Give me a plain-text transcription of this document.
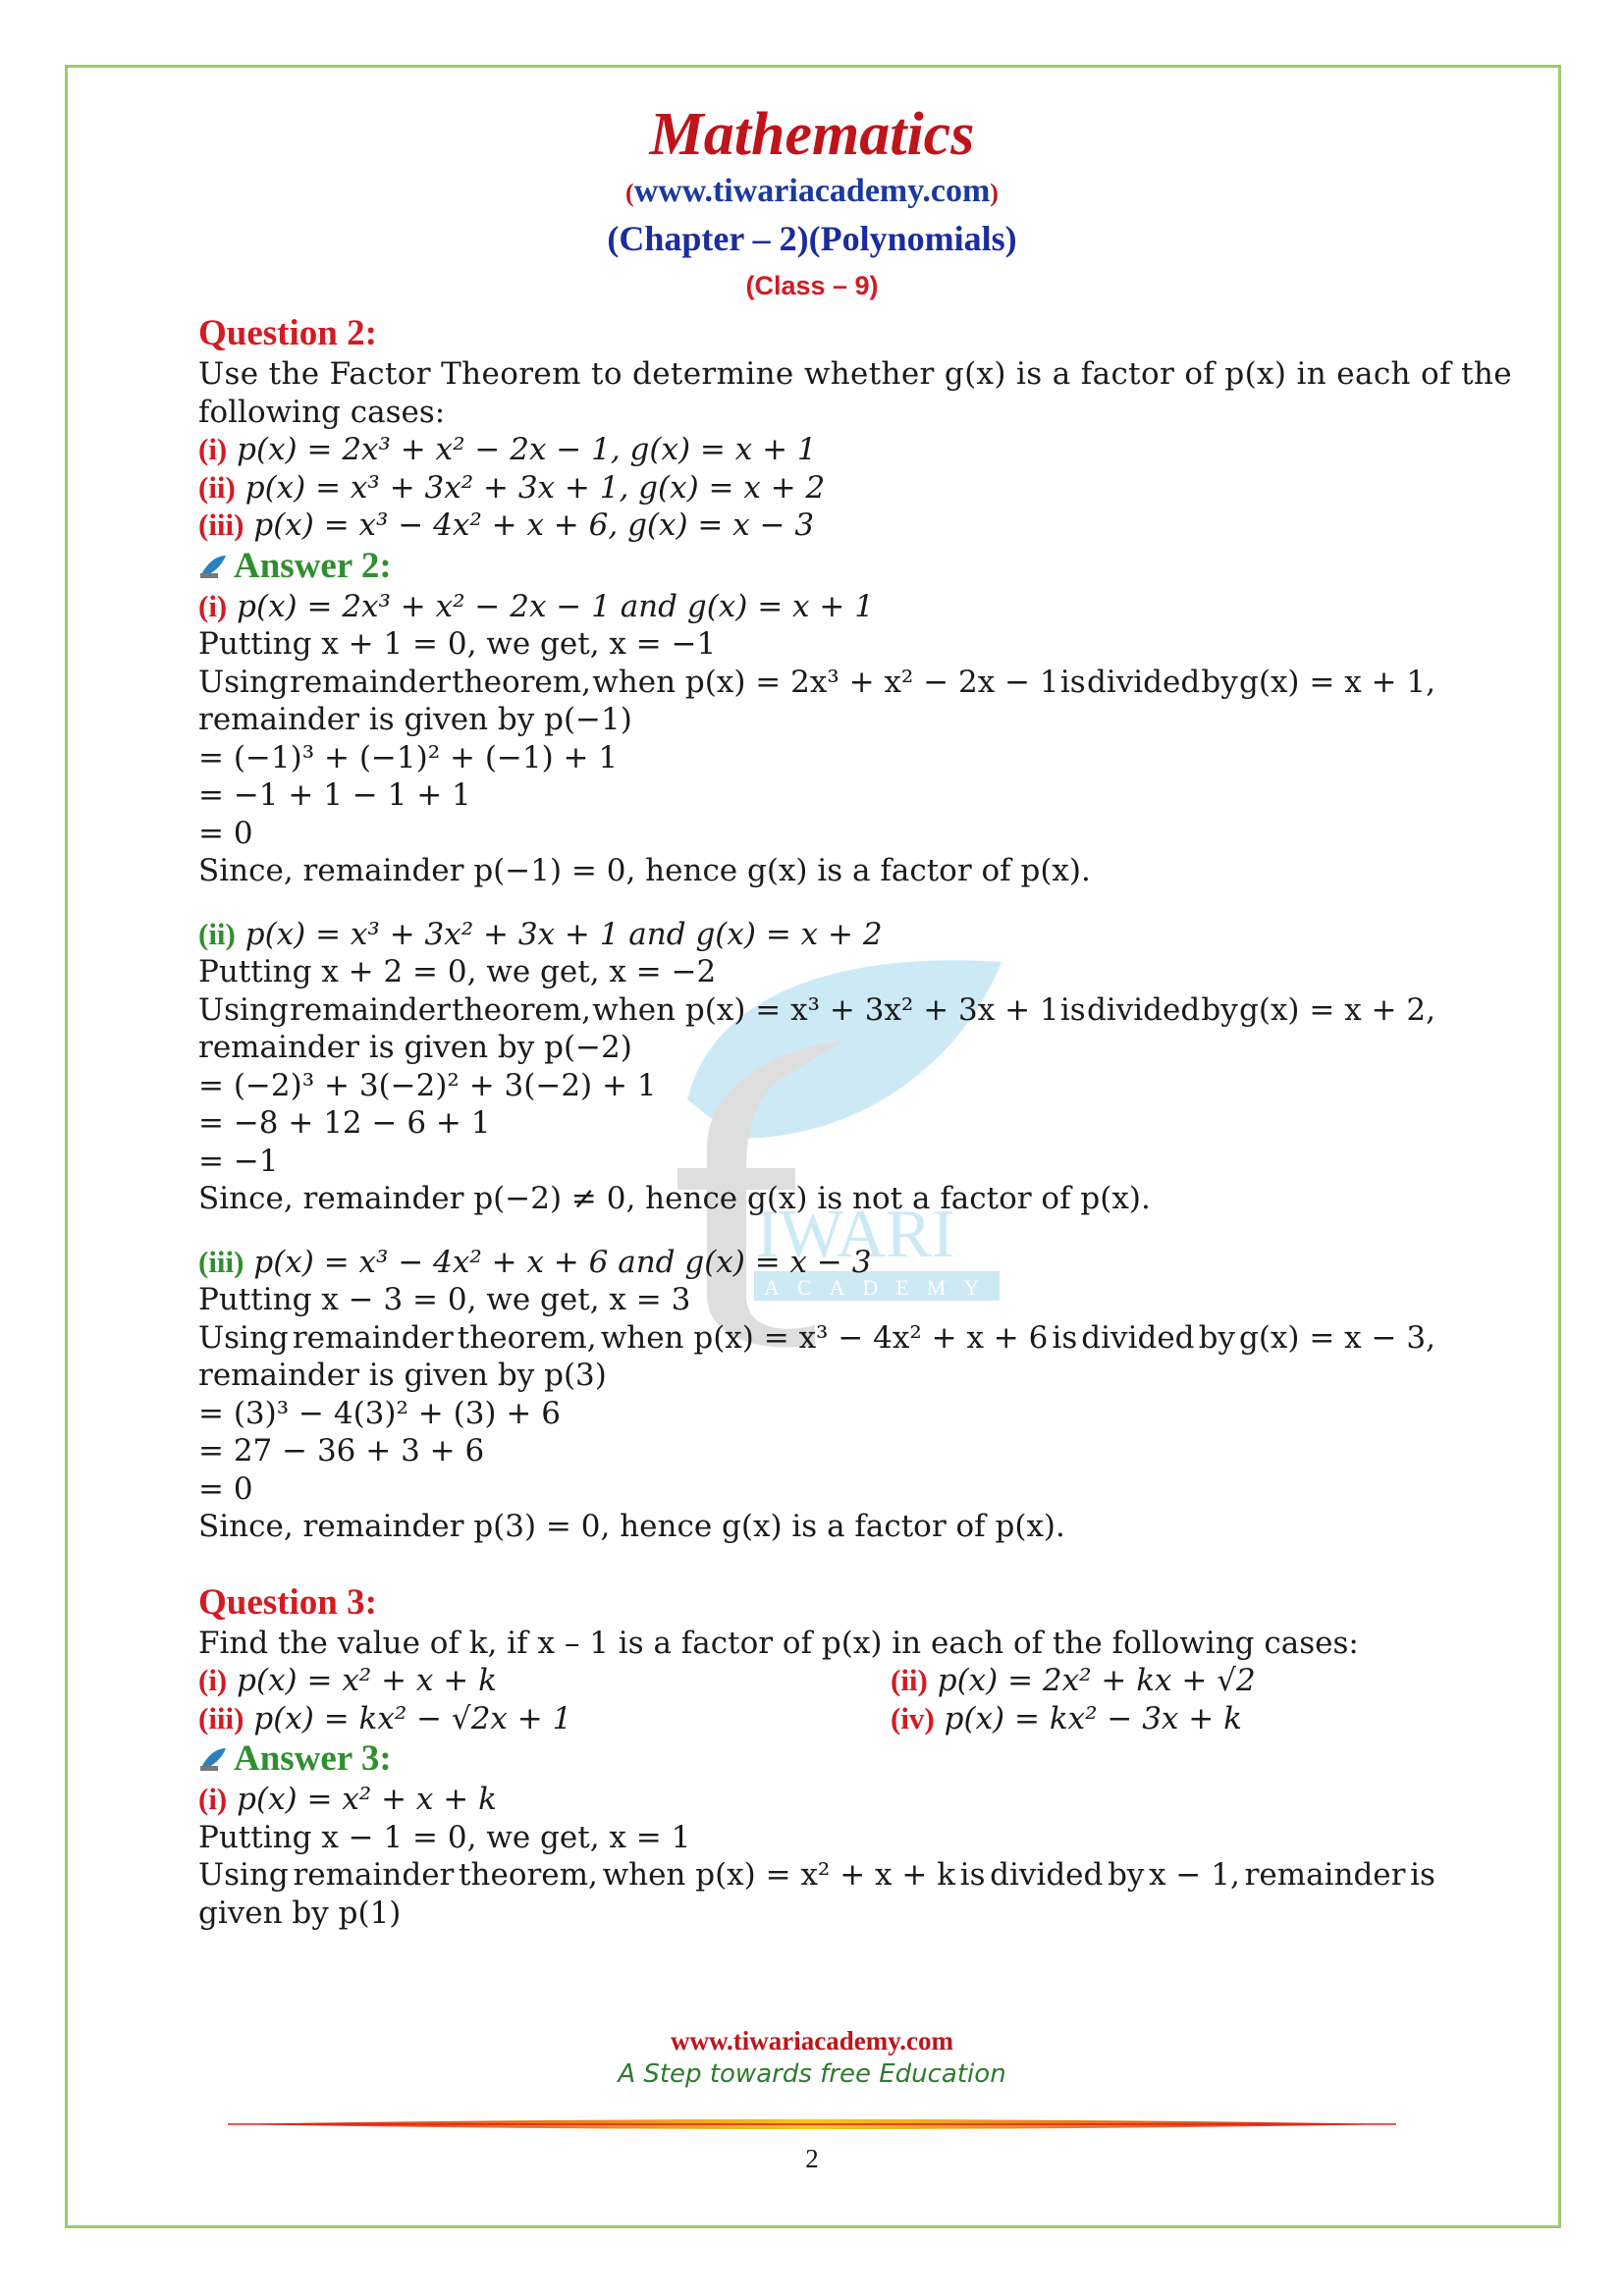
Mathematics
(www.tiwariacademy.com)
(Chapter – 2)(Polynomials)
(Class – 9)
IWARI
ACADEMY
Question 2:
Use the Factor Theorem to determine whether g(x) is a factor of p(x) in each of the
following cases:
(i) p(x) = 2x³ + x² − 2x − 1, g(x) = x + 1
(ii) p(x) = x³ + 3x² + 3x + 1, g(x) = x + 2
(iii) p(x) = x³ − 4x² + x + 6, g(x) = x − 3
Answer 2:
(i) p(x) = 2x³ + x² − 2x − 1 and g(x) = x + 1
Putting x + 1 = 0, we get, x = −1
Using remainder theorem, when p(x) = 2x³ + x² − 2x − 1 is divided by g(x) = x + 1,
remainder is given by p(−1)
= (−1)³ + (−1)² + (−1) + 1
= −1 + 1 − 1 + 1
= 0
Since, remainder p(−1) = 0, hence g(x) is a factor of p(x).
(ii) p(x) = x³ + 3x² + 3x + 1 and g(x) = x + 2
Putting x + 2 = 0, we get, x = −2
Using remainder theorem, when p(x) = x³ + 3x² + 3x + 1 is divided by g(x) = x + 2,
remainder is given by p(−2)
= (−2)³ + 3(−2)² + 3(−2) + 1
= −8 + 12 − 6 + 1
= −1
Since, remainder p(−2) ≠ 0, hence g(x) is not a factor of p(x).
(iii) p(x) = x³ − 4x² + x + 6 and g(x) = x − 3
Putting x − 3 = 0, we get, x = 3
Using remainder theorem, when p(x) = x³ − 4x² + x + 6 is divided by g(x) = x − 3,
remainder is given by p(3)
= (3)³ − 4(3)² + (3) + 6
= 27 − 36 + 3 + 6
= 0
Since, remainder p(3) = 0, hence g(x) is a factor of p(x).
Question 3:
Find the value of k, if x – 1 is a factor of p(x) in each of the following cases:
(i) p(x) = x² + x + k	(ii) p(x) = 2x² + kx + √2
(iii) p(x) = kx² − √2x + 1	(iv) p(x) = kx² − 3x + k
Answer 3:
(i) p(x) = x² + x + k
Putting x − 1 = 0, we get, x = 1
Using remainder theorem, when p(x) = x² + x + k is divided by x − 1, remainder is
given by p(1)
www.tiwariacademy.com
A Step towards free Education
2
